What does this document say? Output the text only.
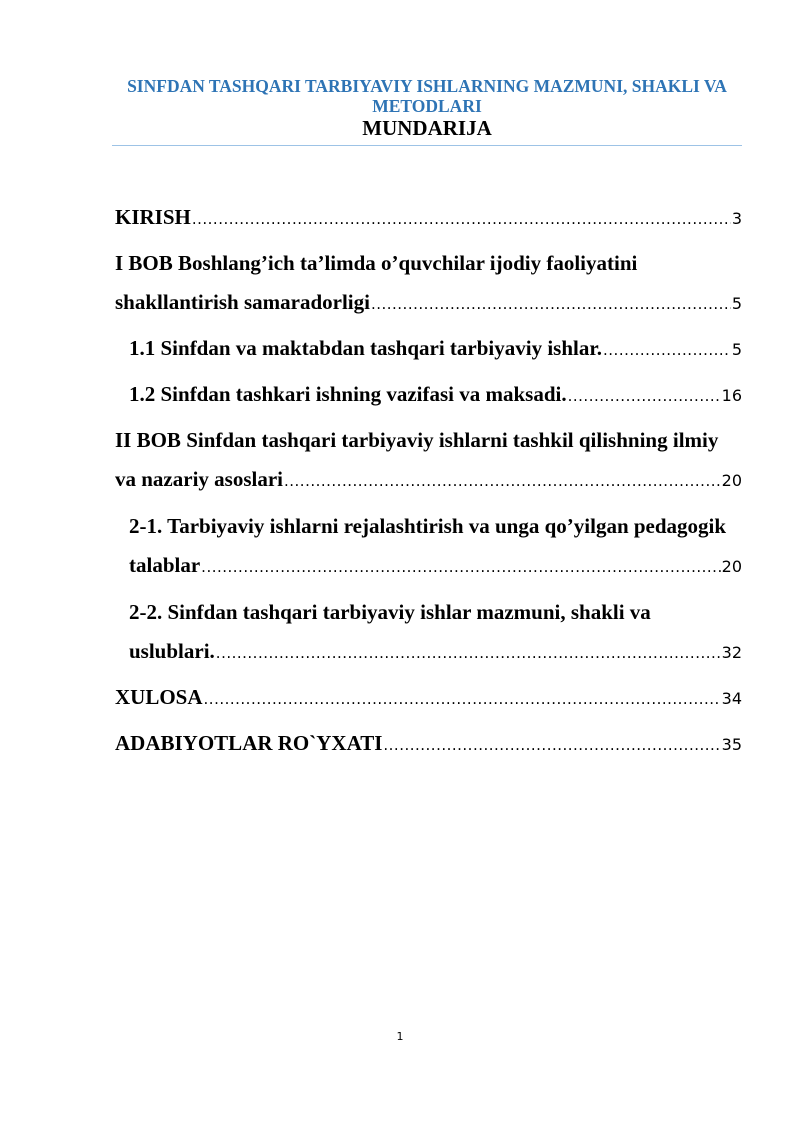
SINFDAN TASHQARI TARBIYAVIY ISHLARNING MAZMUNI, SHAKLI VA METODLARI

MUNDARIJA

KIRISH .....	3
I BOB Boshlang’ich ta’limda o’quvchilar ijodiy faoliyatini
shakllantirish samaradorligi .....	5
1.1 Sinfdan va maktabdan tashqari tarbiyaviy ishlar. .....	5
1.2 Sinfdan tashkari ishning vazifasi va maksadi. .....	16
II BOB Sinfdan tashqari tarbiyaviy ishlarni tashkil qilishning ilmiy
va nazariy asoslari .....	20
2-1. Tarbiyaviy ishlarni rejalashtirish va unga qo’yilgan pedagogik
talablar .....	20
2-2. Sinfdan tashqari tarbiyaviy ishlar mazmuni, shakli va
uslublari. .....	32
XULOSA .....	34
ADABIYOTLAR RO`YXATI .....	35
1
